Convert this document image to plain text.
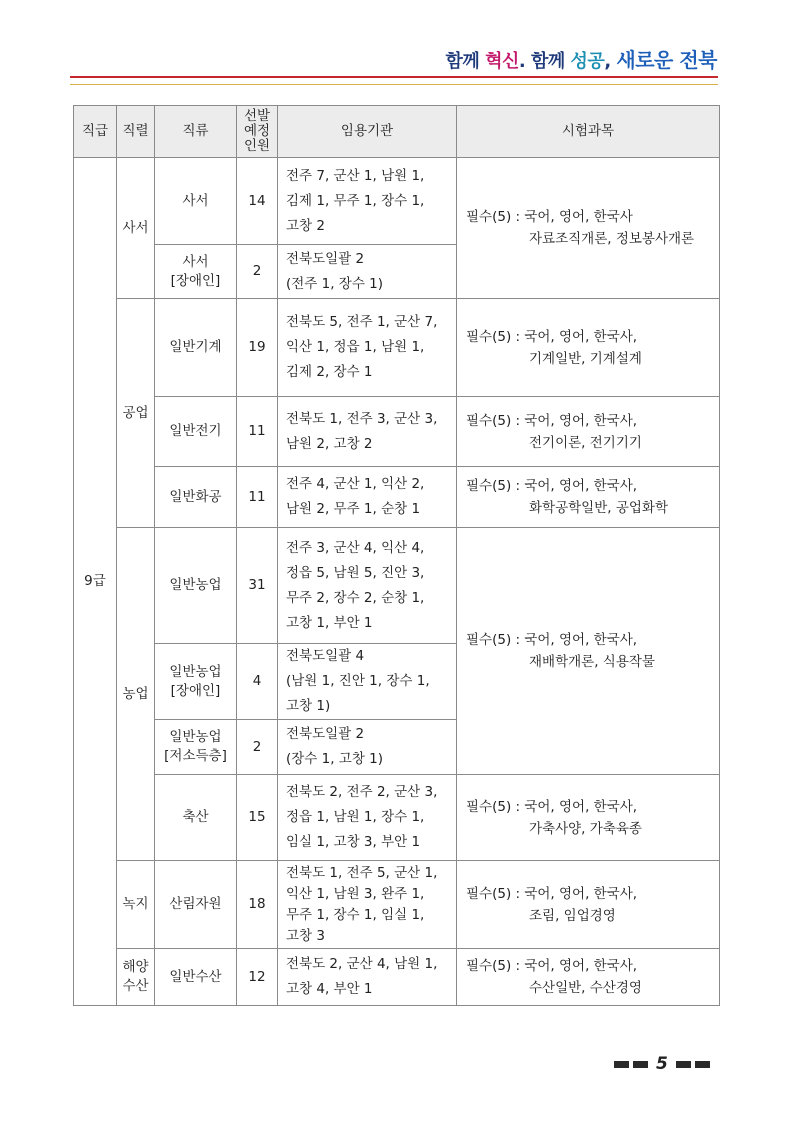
함께 혁신. 함께 성공, 새로운 전북
직급	직렬	직류	선발
예정
인원	임용기관	시험과목
9급	사서	사서	14	전주 7, 군산 1, 남원 1,
김제 1, 무주 1, 장수 1,
고창 2	필수(5) : 국어, 영어, 한국사
자료조직개론, 정보봉사개론

		사서
[장애인]	2	전북도일괄 2
(전주 1, 장수 1)	
	공업	일반기계	19	전북도 5, 전주 1, 군산 7,
익산 1, 정읍 1, 남원 1,
김제 2, 장수 1	필수(5) : 국어, 영어, 한국사,
기계일반, 기계설계

		일반전기	11	전북도 1, 전주 3, 군산 3,
남원 2, 고창 2	필수(5) : 국어, 영어, 한국사,
전기이론, 전기기기

		일반화공	11	전주 4, 군산 1, 익산 2,
남원 2, 무주 1, 순창 1	필수(5) : 국어, 영어, 한국사,
화학공학일반, 공업화학

	농업	일반농업	31	전주 3, 군산 4, 익산 4,
정읍 5, 남원 5, 진안 3,
무주 2, 장수 2, 순창 1,
고창 1, 부안 1	필수(5) : 국어, 영어, 한국사,
재배학개론, 식용작물

		일반농업
[장애인]	4	전북도일괄 4
(남원 1, 진안 1, 장수 1,
고창 1)	
		일반농업
[저소득층]	2	전북도일괄 2
(장수 1, 고창 1)	
		축산	15	전북도 2, 전주 2, 군산 3,
정읍 1, 남원 1, 장수 1,
임실 1, 고창 3, 부안 1	필수(5) : 국어, 영어, 한국사,
가축사양, 가축육종

	녹지	산림자원	18	전북도 1, 전주 5, 군산 1,
익산 1, 남원 3, 완주 1,
무주 1, 장수 1, 임실 1,
고창 3	필수(5) : 국어, 영어, 한국사,
조림, 임업경영

	해양
수산	일반수산	12	전북도 2, 군산 4, 남원 1,
고창 4, 부안 1	필수(5) : 국어, 영어, 한국사,
수산일반, 수산경영
5
